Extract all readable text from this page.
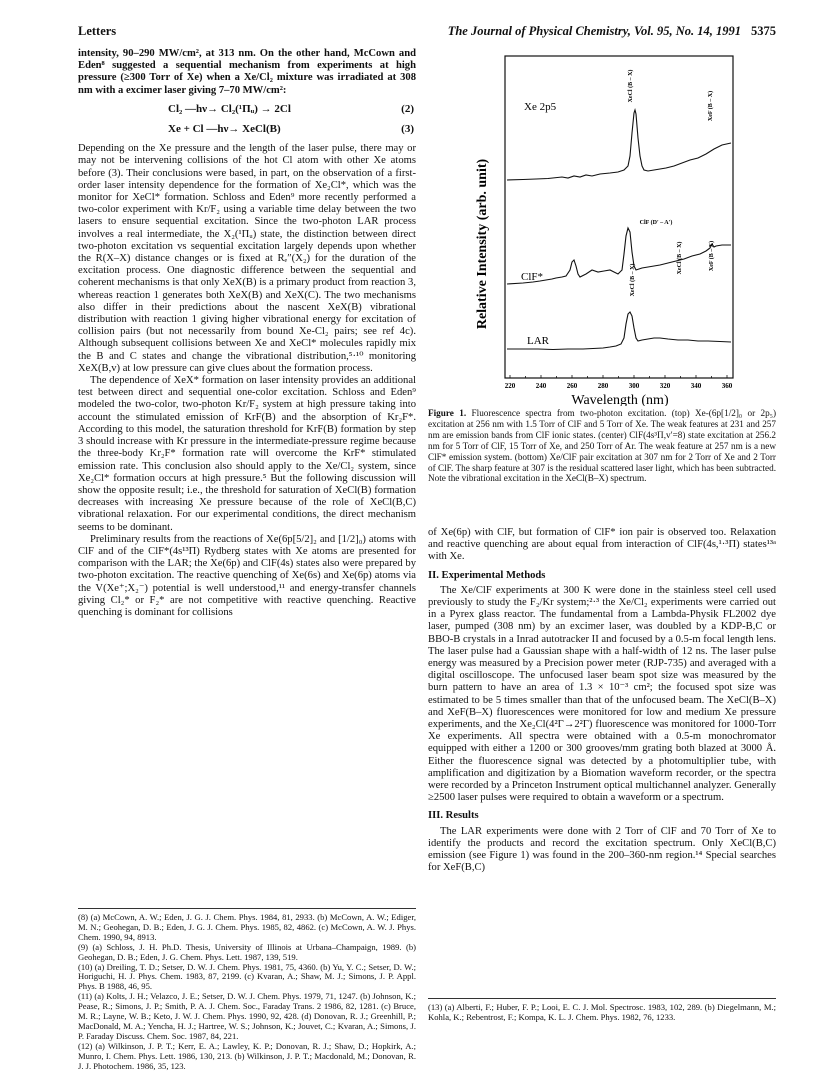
Letters	The Journal of Physical Chemistry, Vol. 95, No. 14, 1991 5375

intensity, 90–290 MW/cm², at 313 nm. On the other hand, McCown and Eden⁸ suggested a sequential mechanism from experiments at high pressure (≥300 Torr of Xe) when a Xe/Cl₂ mixture was irradiated at 308 nm with a excimer laser giving 7–70 MW/cm²:

Cl₂ —hν→ Cl₂(¹Πᵤ) → 2Cl	(2)
Xe + Cl —hν→ XeCl(B)	(3)

Depending on the Xe pressure and the length of the laser pulse, there may or may not be intervening collisions of the hot Cl atom with other Xe atoms before (3). Their conclusions were based, in part, on the observation of a first-order laser intensity dependence for the formation of Xe₂Cl*, which was the monitor for XeCl* formation. Schloss and Eden⁹ more recently performed a two-color experiment with Kr/F₂ using a variable time delay between the two lasers to ensure sequential excitation. Since the two-photon LAR process involves a real intermediate, the X₂(¹Πᵤ) state, the distinction between direct two-photon excitation vs sequential excitation largely depends upon whether the R(X–X) distance changes or is fixed at Rₑ″(X₂) for the duration of the excitation process. One diagnostic difference between the sequential and coherent mechanisms is that only XeX(B) is a primary product from reaction 3, whereas reaction 1 generates both XeX(B) and XeX(C). The two mechanisms also differ in their predictions about the nascent XeX(B) vibrational distribution with reaction 1 giving higher vibrational energy for excitation of collision pairs (but not necessarily from bound Xe-Cl₂ pairs; see ref 4c). Although subsequent collisions between Xe and XeCl* molecules rapidly mix the B and C states and change the vibrational distribution,⁵·¹⁰ monitoring XeX(B,v) at low pressure can give clues about the formation process.

The dependence of XeX* formation on laser intensity provides an additional test between direct and sequential one-color excitation. Schloss and Eden⁹ modeled the two-color, two-photon Kr/F₂ system at high pressure taking into account the stimulated emission of KrF(B) and the absorption of Kr₂F*. According to this model, the saturation threshold for KrF(B) formation by step 3 should increase with Kr pressure in the intermediate-pressure regime because the three-body Kr₂F* formation rate will overcome the KrF* stimulated emission rate. This conclusion also should apply to the Xe/Cl₂ system, since Xe₂Cl* formation occurs at high pressure.⁵ But the following discussion will show the opposite result; i.e., the threshold for saturation of XeCl(B) formation decreases with increasing Xe pressure because of the role of XeCl(B,C) vibrational relaxation. For our experimental conditions, the direct mechanism seems to be dominant.

Preliminary results from the reactions of Xe(6p[5/2]₂ and [1/2]₀) atoms with ClF and of the ClF*(4s¹³Π) Rydberg states with Xe atoms are presented for comparison with the LAR; the Xe(6p) and ClF(4s) states also were prepared by two-photon excitation. The reactive quenching of Xe(6s) and Xe(6p) atoms via the V(Xe⁺;X₂⁻) potential is well understood,¹¹ and energy-transfer channels giving Cl₂* or F₂* are not competitive with reactive quenching. Reactive quenching is dominant for collisions

(8) (a) McCown, A. W.; Eden, J. G. J. Chem. Phys. 1984, 81, 2933. (b) McCown, A. W.; Ediger, M. N.; Geohegan, D. B.; Eden, J. G. J. Chem. Phys. 1985, 82, 4862. (c) McCown, A. W. J. Phys. Chem. 1990, 94, 8913.
(9) (a) Schloss, J. H. Ph.D. Thesis, University of Illinois at Urbana–Champaign, 1989. (b) Geohegan, D. B.; Eden, J. G. Chem. Phys. Lett. 1987, 139, 519.
(10) (a) Dreiling, T. D.; Setser, D. W. J. Chem. Phys. 1981, 75, 4360. (b) Yu, Y. C.; Setser, D. W.; Horiguchi, H. J. Phys. Chem. 1983, 87, 2199. (c) Kvaran, A.; Shaw, M. J.; Simons, J. P. Appl. Phys. B 1988, 46, 95.
(11) (a) Kolts, J. H.; Velazco, J. E.; Setser, D. W. J. Chem. Phys. 1979, 71, 1247. (b) Johnson, K.; Pease, R.; Simons, J. P.; Smith, P. A. J. Chem. Soc., Faraday Trans. 2 1986, 82, 1281. (c) Bruce, M. R.; Layne, W. B.; Keto, J. W. J. Chem. Phys. 1990, 92, 428. (d) Donovan, R. J.; Greenhill, P.; MacDonald, M. A.; Yencha, H. J.; Hartree, W. S.; Johnson, K.; Jouvet, C.; Kvaran, A.; Simons, J. P. Faraday Discuss. Chem. Soc. 1987, 84, 221.
(12) (a) Wilkinson, J. P. T.; Kerr, E. A.; Lawley, K. P.; Donovan, R. J.; Shaw, D.; Hopkirk, A.; Munro, I. Chem. Phys. Lett. 1986, 130, 213. (b) Wilkinson, J. P. T.; Macdonald, M.; Donovan, R. J. J. Photochem. 1986, 35, 123.
Relative Intensity (arb. unit)
220	240	260	280	300	320	340	360
Wavelength (nm)
Xe 2p5
XeCl (B – X)
XeF (B – X)
ClF*
ClF (D′ – A′)
XeCl (B – X)	XeF (B – X)
LAR
XeCl (B – X)
Figure 1. Fluorescence spectra from two-photon excitation. (top) Xe-(6p[1/2]₀ or 2p₅) excitation at 256 nm with 1.5 Torr of ClF and 5 Torr of Xe. The weak features at 231 and 257 nm are emission bands from ClF ionic states. (center) ClF(4s³Π,v′=8) state excitation at 256.2 nm for 5 Torr of ClF, 15 Torr of Xe, and 250 Torr of Ar. The weak feature at 257 nm is a new ClF* emission system. (bottom) Xe/ClF pair excitation at 307 nm for 2 Torr of Xe and 2 Torr of ClF. The sharp feature at 307 is the residual scattered laser light, which has been subtracted. Note the vibrational excitation in the XeCl(B–X) spectrum.

of Xe(6p) with ClF, but formation of ClF* ion pair is observed too. Relaxation and reactive quenching are about equal from interaction of ClF(4s,¹·³Π) states¹³ᵃ with Xe.

II. Experimental Methods

The Xe/ClF experiments at 300 K were done in the stainless steel cell used previously to study the F₂/Kr system;²·³ the Xe/Cl₂ experiments were carried out in a Pyrex glass reactor. The fundamental from a Lambda-Physik FL2002 dye laser, pumped (308 nm) by an excimer laser, was doubled by a KDP-B,C or BBO-B crystals in a Inrad autotracker II and focused by a 0.5-m focal length lens. The laser pulse had a Gaussian shape with a half-width of 12 ns. The laser pulse energy was measured by a Precision power meter (RJP-735) and averaged with a digital oscilloscope. The unfocused laser beam spot size was measured by the burn pattern to have an area of 1.3 × 10⁻³ cm²; the focused spot size was estimated to be 5 times smaller than that of the unfocused beam. The XeCl(B–X) and XeF(B–X) fluorescences were monitored for low and medium Xe pressure experiments, and the Xe₂Cl(4²Γ→2²Γ) fluorescence was monitored for 1000-Torr Xe experiments. All spectra were obtained with a 0.5-m monochromator equipped with either a 1200 or 300 grooves/mm grating both blazed at 3000 Å. Either the fluorescence signal was detected by a photomultiplier tube, with amplification and digitization by a Biomation waveform recorder, or the spectra were recorded by a Princeton Instrument optical multichannel analyzer. Generally ≥2500 laser pulses were required to obtain a waveform or a spectrum.

III. Results

The LAR experiments were done with 2 Torr of ClF and 70 Torr of Xe to identify the products and record the excitation spectrum. Only XeCl(B,C) emission (see Figure 1) was found in the 200–360-nm region.¹⁴ Special searches for XeF(B,C)

(13) (a) Alberti, F.; Huber, F. P.; Looi, E. C. J. Mol. Spectrosc. 1983, 102, 289. (b) Diegelmann, M.; Kohla, K.; Rebentrost, F.; Kompa, K. L. J. Chem. Phys. 1982, 76, 1233.
